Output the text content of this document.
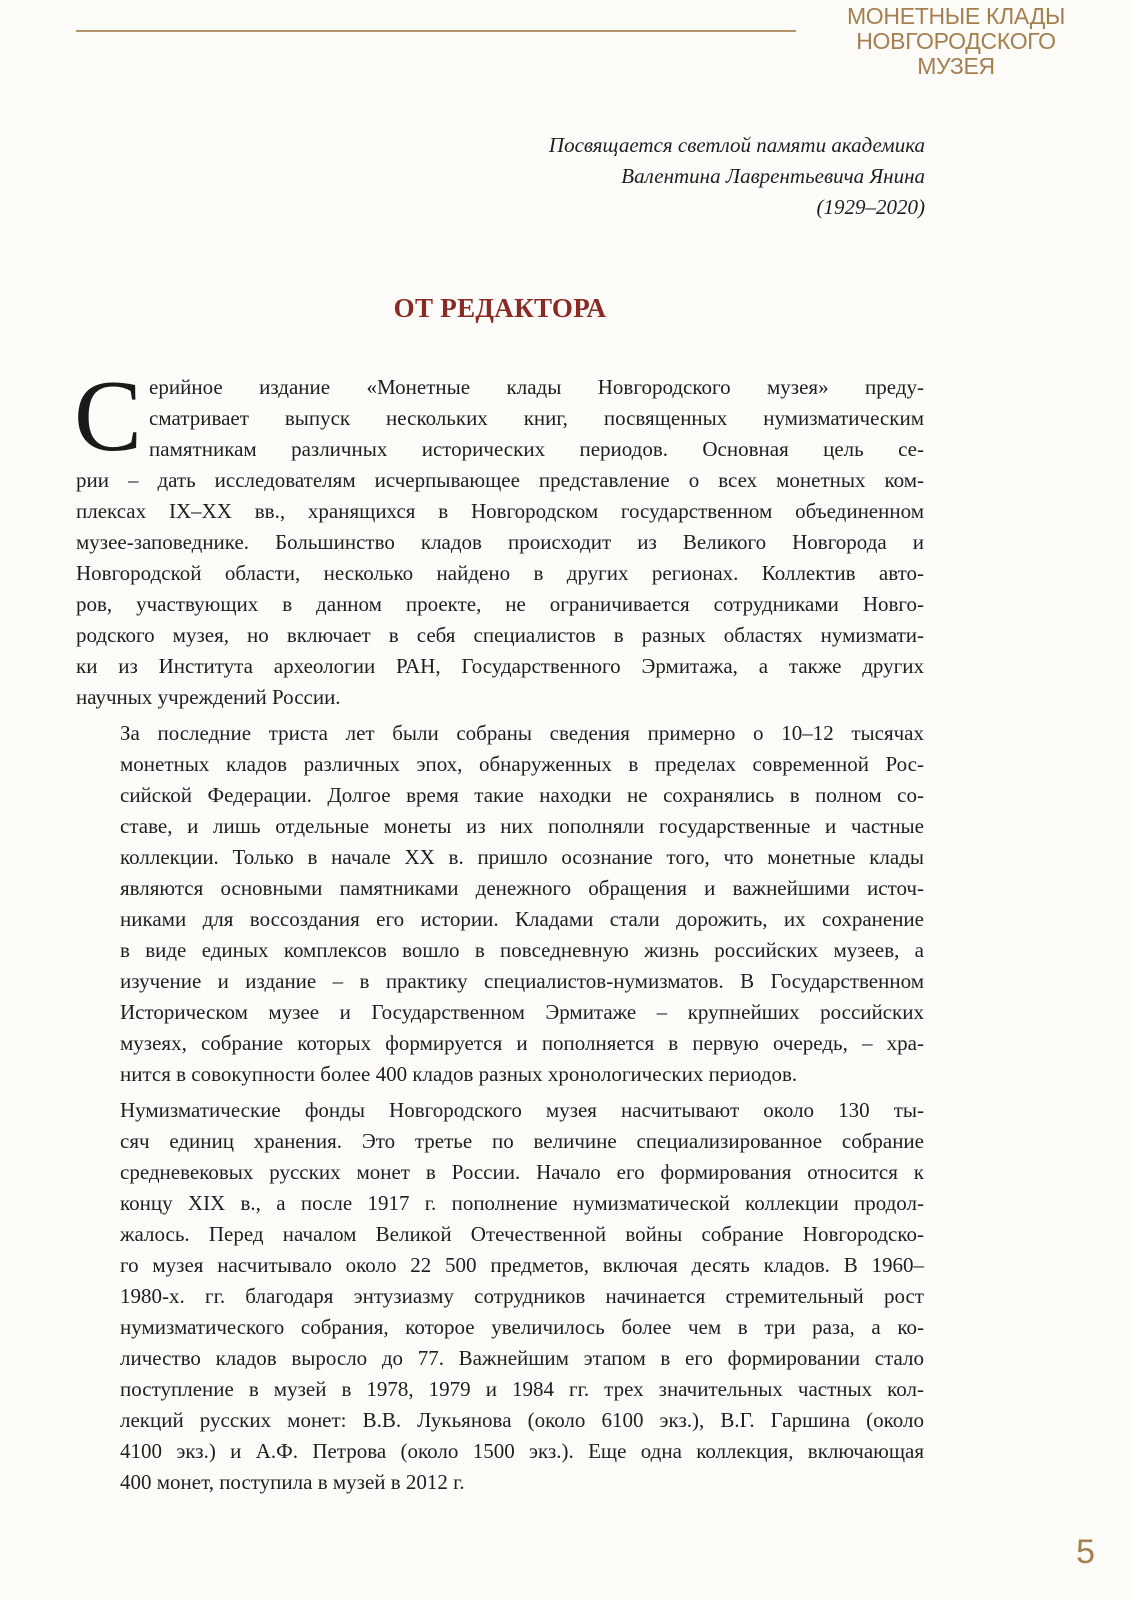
МОНЕТНЫЕ КЛАДЫ
НОВГОРОДСКОГО
МУЗЕЯ
Посвящается светлой памяти академика
Валентина Лаврентьевича Янина
(1929–2020)
ОТ РЕДАКТОРА

С ерийное издание «Монетные клады Новгородского музея» преду-
сматривает выпуск нескольких книг, посвященных нумизматическим
памятникам различных исторических периодов. Основная цель се-
рии – дать исследователям исчерпывающее представление о всех монетных ком-
плексах IX–XX вв., хранящихся в Новгородском государственном объединенном
музее-заповеднике. Большинство кладов происходит из Великого Новгорода и
Новгородской области, несколько найдено в других регионах. Коллектив авто-
ров, участвующих в данном проекте, не ограничивается сотрудниками Новго-
родского музея, но включает в себя специалистов в разных областях нумизмати-
ки из Института археологии РАН, Государственного Эрмитажа, а также других
научных учреждений России.

За последние триста лет были собраны сведения примерно о 10–12 тысячах
монетных кладов различных эпох, обнаруженных в пределах современной Рос-
сийской Федерации. Долгое время такие находки не сохранялись в полном со-
ставе, и лишь отдельные монеты из них пополняли государственные и частные
коллекции. Только в начале XX в. пришло осознание того, что монетные клады
являются основными памятниками денежного обращения и важнейшими источ-
никами для воссоздания его истории. Кладами стали дорожить, их сохранение
в виде единых комплексов вошло в повседневную жизнь российских музеев, а
изучение и издание – в практику специалистов-нумизматов. В Государственном
Историческом музее и Государственном Эрмитаже – крупнейших российских
музеях, собрание которых формируется и пополняется в первую очередь, – хра-
нится в совокупности более 400 кладов разных хронологических периодов.

Нумизматические фонды Новгородского музея насчитывают около 130 ты-
сяч единиц хранения. Это третье по величине специализированное собрание
средневековых русских монет в России. Начало его формирования относится к
концу XIX в., а после 1917 г. пополнение нумизматической коллекции продол-
жалось. Перед началом Великой Отечественной войны собрание Новгородско-
го музея насчитывало около 22 500 предметов, включая десять кладов. В 1960–
1980-х. гг. благодаря энтузиазму сотрудников начинается стремительный рост
нумизматического собрания, которое увеличилось более чем в три раза, а ко-
личество кладов выросло до 77. Важнейшим этапом в его формировании стало
поступление в музей в 1978, 1979 и 1984 гг. трех значительных частных кол-
лекций русских монет: В.В. Лукьянова (около 6100 экз.), В.Г. Гаршина (около
4100 экз.) и А.Ф. Петрова (около 1500 экз.). Еще одна коллекция, включающая
400 монет, поступила в музей в 2012 г.

5
